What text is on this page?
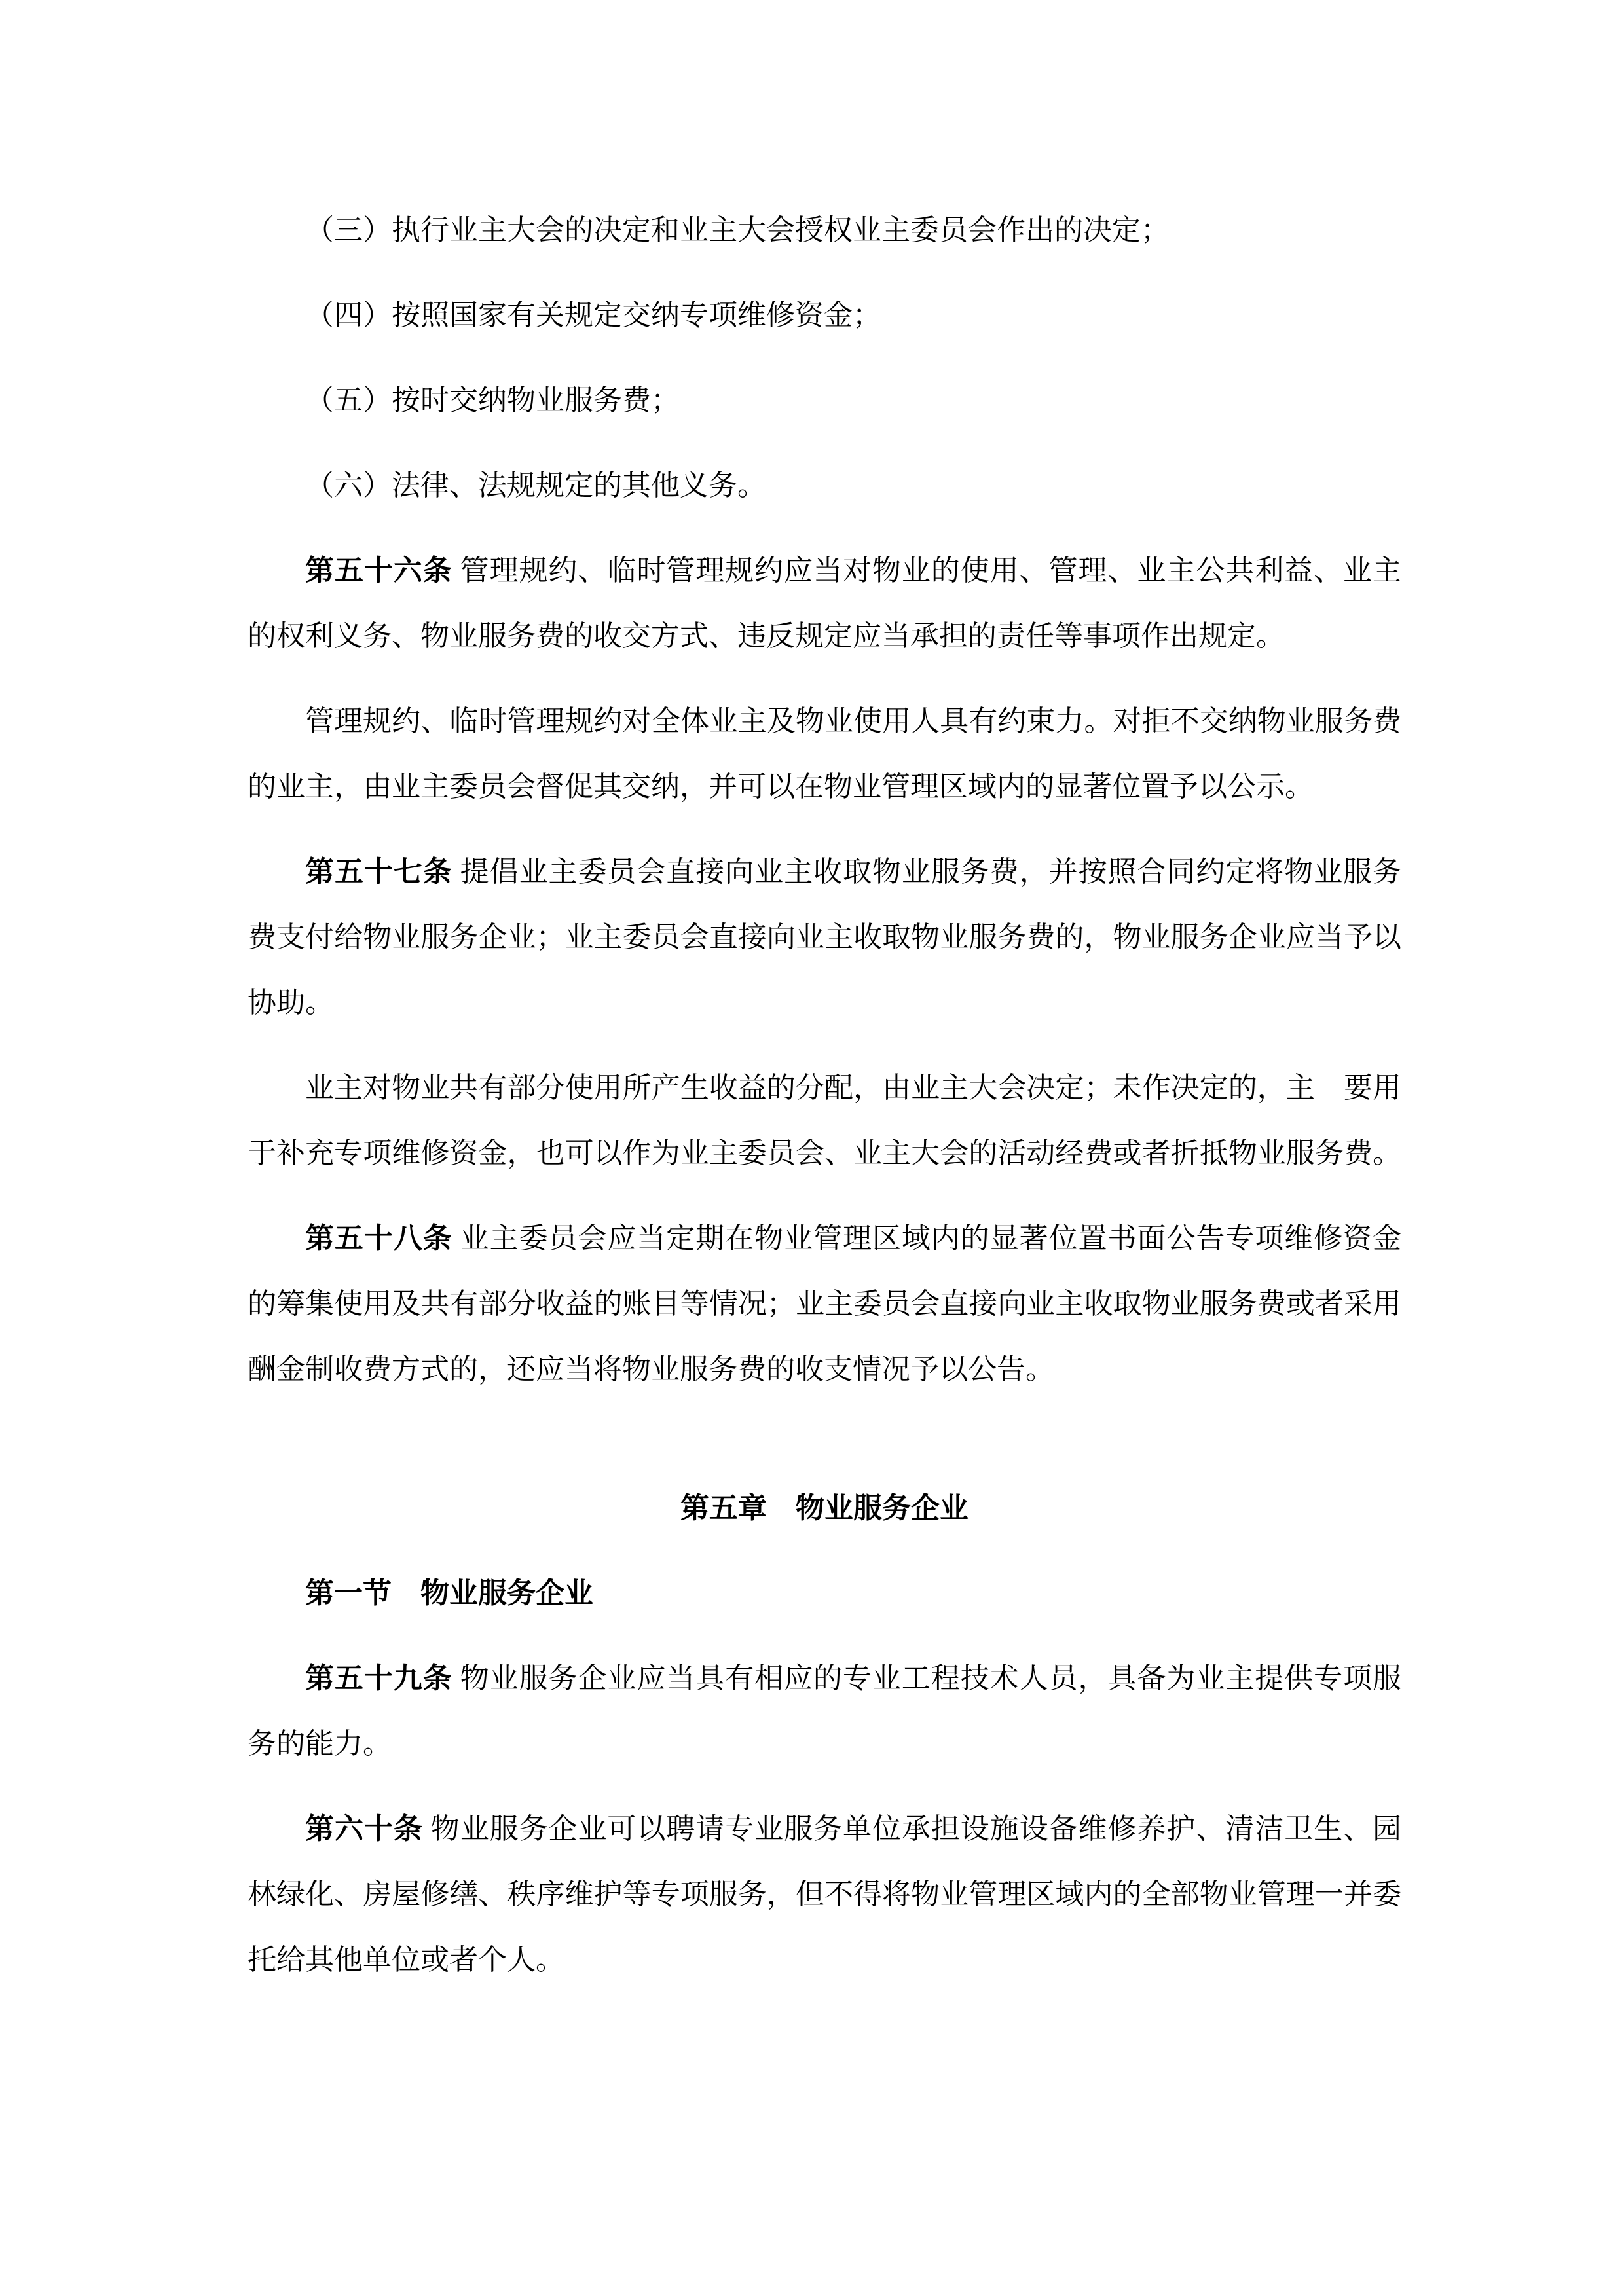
（三）执行业主大会的决定和业主大会授权业主委员会作出的决定；
（四）按照国家有关规定交纳专项维修资金；
（五）按时交纳物业服务费；
（六）法律、法规规定的其他义务。
第五十六条 管理规约、临时管理规约应当对物业的使用、管理、业主公共利益、业主
的权利义务、物业服务费的收交方式、违反规定应当承担的责任等事项作出规定。
管理规约、临时管理规约对全体业主及物业使用人具有约束力。对拒不交纳物业服务费
的业主，由业主委员会督促其交纳，并可以在物业管理区域内的显著位置予以公示。
第五十七条 提倡业主委员会直接向业主收取物业服务费，并按照合同约定将物业服务
费支付给物业服务企业；业主委员会直接向业主收取物业服务费的，物业服务企业应当予以
协助。
业主对物业共有部分使用所产生收益的分配，由业主大会决定；未作决定的，主　要用
于补充专项维修资金，也可以作为业主委员会、业主大会的活动经费或者折抵物业服务费。
第五十八条 业主委员会应当定期在物业管理区域内的显著位置书面公告专项维修资金
的筹集使用及共有部分收益的账目等情况；业主委员会直接向业主收取物业服务费或者采用
酬金制收费方式的，还应当将物业服务费的收支情况予以公告。
第五章　物业服务企业
第一节　物业服务企业
第五十九条 物业服务企业应当具有相应的专业工程技术人员，具备为业主提供专项服
务的能力。
第六十条 物业服务企业可以聘请专业服务单位承担设施设备维修养护、清洁卫生、园
林绿化、房屋修缮、秩序维护等专项服务，但不得将物业管理区域内的全部物业管理一并委
托给其他单位或者个人。
